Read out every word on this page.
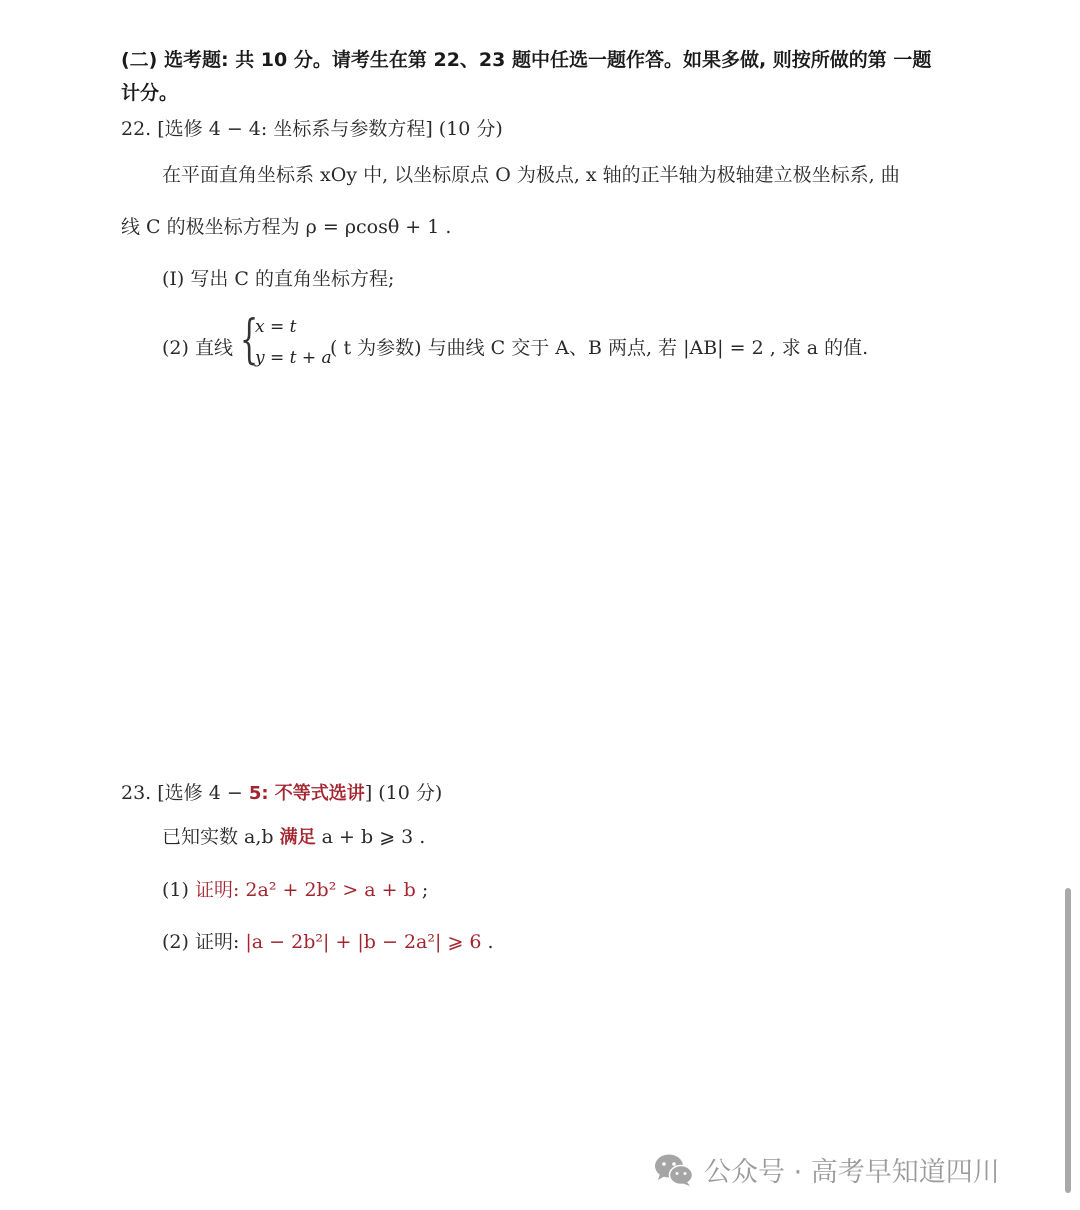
(二) 选考题: 共 10 分。请考生在第 22、23 题中任选一题作答。如果多做, 则按所做的第 一题
计分。
22. [选修 4 − 4: 坐标系与参数方程] (10 分)
在平面直角坐标系 xOy 中, 以坐标原点 O 为极点, x 轴的正半轴为极轴建立极坐标系, 曲
线 C 的极坐标方程为 ρ = ρcosθ + 1 .
(I) 写出 C 的直角坐标方程;
(2) 直线 {
x = t
y = t + a
( t 为参数) 与曲线 C 交于 A、B 两点, 若 |AB| = 2 , 求 a 的值.
23. [选修 4 − 5: 不等式选讲] (10 分)
已知实数 a,b 满足 a + b ⩾ 3 .
(1) 证明: 2a² + 2b² > a + b ;
(2) 证明: |a − 2b²| + |b − 2a²| ⩾ 6 .
公众号 · 高考早知道四川
